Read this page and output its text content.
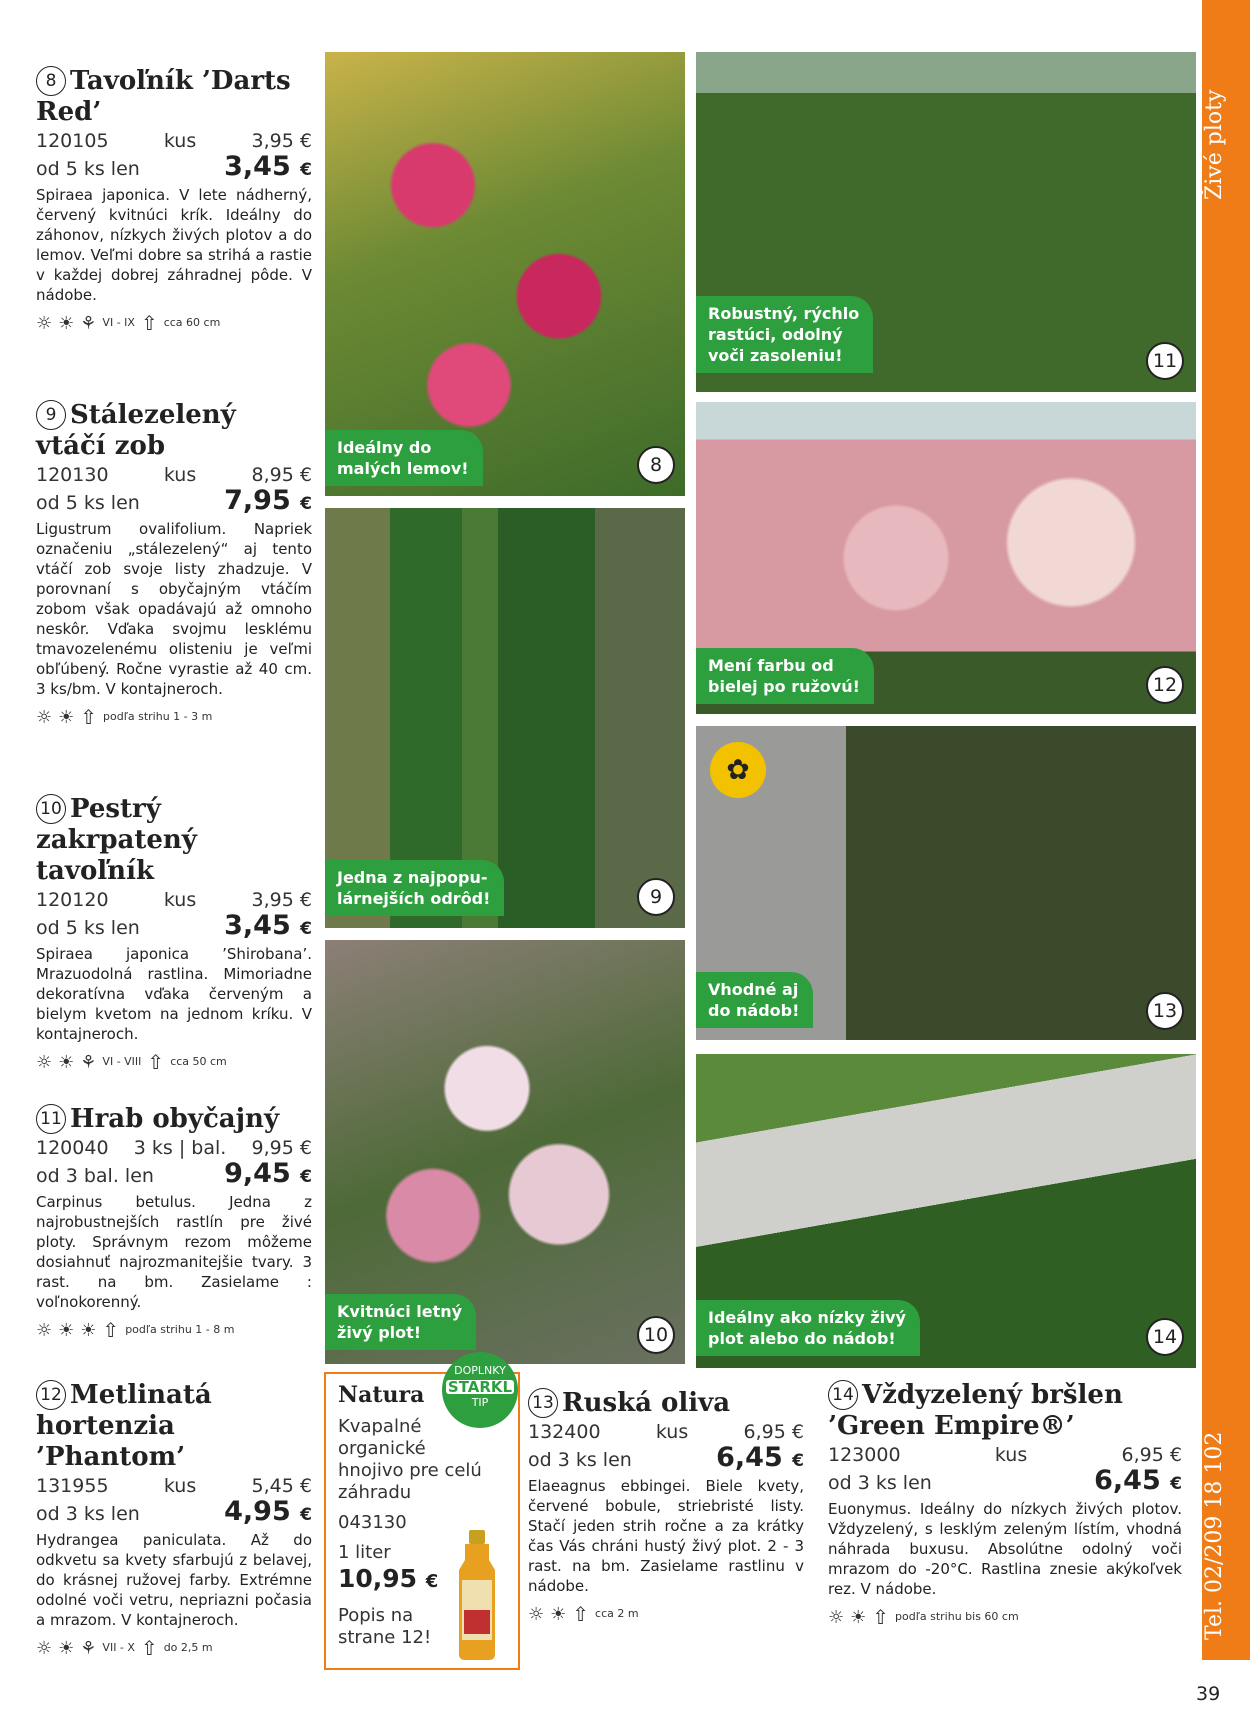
Živé ploty
Tel. 02/209 18 102
39
8 Tavoľník ’Darts Red’
120105	kus	3,95 €
od 5 ks len	3,45 €
Spiraea japonica. V lete nádherný, červený kvitnúci krík. Ideálny do záhonov, nízkych živých plotov a do lemov. Veľmi dobre sa strihá a rastie v každej dobrej záhradnej pôde. V nádobe.
☼ ☀ ⚘ VI - IX ⇧ cca 60 cm
9 Stálezelený vtáčí zob
120130	kus	8,95 €
od 5 ks len	7,95 €
Ligustrum ovalifolium. Napriek označeniu „stálezelený“ aj tento vtáčí zob svoje listy zhadzuje. V porovnaní s obyčajným vtáčím zobom však opadávajú až omnoho neskôr. Vďaka svojmu lesklému tmavozelenému olisteniu je veľmi obľúbený. Ročne vyrastie až 40 cm. 3 ks/bm. V kontajneroch.
☼ ☀ ⇧ podľa strihu 1 - 3 m
10 Pestrý zakrpatený tavoľník
120120	kus	3,95 €
od 5 ks len	3,45 €
Spiraea japonica ’Shirobana’. Mrazuodolná rastlina. Mimoriadne dekoratívna vďaka červeným a bielym kvetom na jednom kríku. V kontajneroch.
☼ ☀ ⚘ VI - VIII ⇧ cca 50 cm
11 Hrab obyčajný
120040 3 ks | bal. 9,95 €
od 3 bal. len	9,45 €
Carpinus betulus. Jedna z najrobustnejších rastlín pre živé ploty. Správnym rezom môžeme dosiahnuť najrozmanitejšie tvary. 3 rast. na bm. Zasielame : voľnokorenný.
☼ ☀ ☀ ⇧ podľa strihu 1 - 8 m
12 Metlinatá hortenzia ’Phantom’
131955	kus	5,45 €
od 3 ks len	4,95 €
Hydrangea paniculata. Až do odkvetu sa kvety sfarbujú z belavej, do krásnej ružovej farby. Extrémne odolné voči vetru, nepriazni počasia a mrazom. V kontajneroch.
☼ ☀ ⚘ VII - X ⇧ do 2,5 m
13 Ruská oliva
132400	kus	6,95 €
od 3 ks len	6,45 €
Elaeagnus ebbingei. Biele kvety, červené bobule, striebristé listy. Stačí jeden strih ročne a za krátky čas Vás chráni hustý živý plot. 2 - 3 rast. na bm. Zasielame rastlinu v nádobe.
☼ ☀ ⇧ cca 2 m
14 Vždyzelený bršlen ’Green Empire®’
123000	kus	6,95 €
od 3 ks len	6,45 €
Euonymus. Ideálny do nízkych živých plotov. Vždyzelený, s lesklým zeleným lístím, vhodná náhrada buxusu. Absolútne odolný voči mrazom do -20°C. Rastlina znesie akýkoľvek rez. V nádobe.
☼ ☀ ⇧ podľa strihu bis 60 cm
Ideálny do
malých lemov!	8
Jedna z najpopu-
lárnejších odrôd!	9
Kvitnúci letný
živý plot!	10
Robustný, rýchlo
rastúci, odolný
voči zasoleniu!	11
Mení farbu od
bielej po ružovú!	12
✿
Vhodné aj
do nádob!	13
Ideálny ako nízky živý
plot alebo do nádob!	14
Natura
Kvapalné organické hnojivo pre celú záhradu
043130
1 liter
10,95 €
Popis na strane 12!
DOPLNKY
STARKL
TIP
